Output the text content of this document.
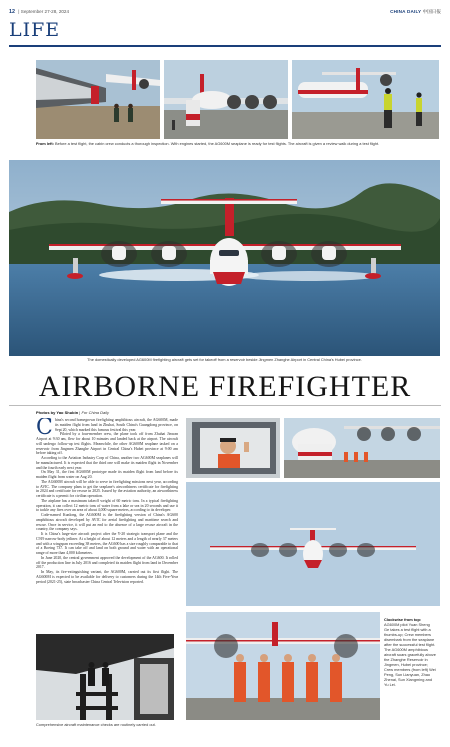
12 | September 27-28, 2024	CHINA DAILY 中国日报
LIFE
From left: Before a test flight, the cabin crew conducts a thorough inspection. With engines started, the AG600M seaplane is ready for test flights. The aircraft is given a review walk during a test flight.
The domestically developed AG600M firefighting aircraft gets set for takeoff from a reservoir beside Jingmen Zhanghe Airport in Central China's Hubei province.
AIRBORNE FIREFIGHTER
Photos by Yao Shubin | For China Daily

China's second homegrown firefighting amphibious aircraft, the AG600M, made its maiden flight from land in Zhuhai, South China's Guangdong province, on Sept 20, which marked this famous festival this year.

Piloted by a four-member crew, the plane took off from Zhuhai Jinwan Airport at 9:30 am, flew for about 10 minutes and landed back at the airport. The aircraft will undergo follow-up test flights. Meanwhile, the other AG600M seaplane tasked on a reservoir from Jingmen Zhanghe Airport in Central China's Hubei province at 9:00 am before taking off.

According to the Aviation Industry Corp of China, another two AG600M seaplanes will be manufactured. It is expected that the third one will make its maiden flight in November and the fourth early next year.

On May 31, the first AG600M prototype made its maiden flight from land before its maiden flight from water on Aug 20.

The AG600M aircraft will be able to serve in firefighting missions next year, according to AVIC. The company plans to get the seaplane's airworthiness certificate for firefighting in 2024 and certificate for rescue in 2025. Issued by the aviation authority, an airworthiness certificate is a permit for civilian operation.

The airplane has a maximum takeoff weight of 60 metric tons. In a typical firefighting operation, it can collect 12 metric tons of water from a lake or sea in 20 seconds and use it to tackle any fires over an area of about 4,000 square meters, according to its developer.

Code-named Kunlong, the AG600M is the firefighting version of China's AG600 amphibious aircraft developed by AVIC for aerial firefighting and maritime search and rescue. Once in service, it will put an end to the absence of a large rescue aircraft in the country, the company says.

It is China's large-size aircraft project after the Y-20 strategic transport plane and the C919 narrow-body jetliner. At a height of about 12 meters and a length of nearly 37 meters and with a wingspan exceeding 38 meters, the AG600 has a size roughly comparable to that of a Boeing 737. It can take off and land on both ground and water with an operational range of more than 4,000 kilometers.

In June 2020, the central government approved the development of the AG600. It rolled off the production line in July 2016 and completed its maiden flight from land in December 2017.

In May, its fire-extinguishing variant, the AG600M, carried out its first flight. The AG600M is expected to be available for delivery to customers during the 14th Five-Year period (2021-25), state broadcaster China Central Television reported.

Comprehensive aircraft maintenance checks are routinely carried out.
Clockwise from top:
AG600M pilot Yuan Sheng Ge takes a test flight with a thumbs-up; Crew members disembark from the seaplane after the successful test flight. The AG600M amphibious aircraft soars gracefully above the Zhanghe Reservoir in Jingmen, Hubei province; Crew members (from left) Wei Peng, Sun Lianyuan, Zhao Zhenai, Sun Xiangming and Yu Lei.
